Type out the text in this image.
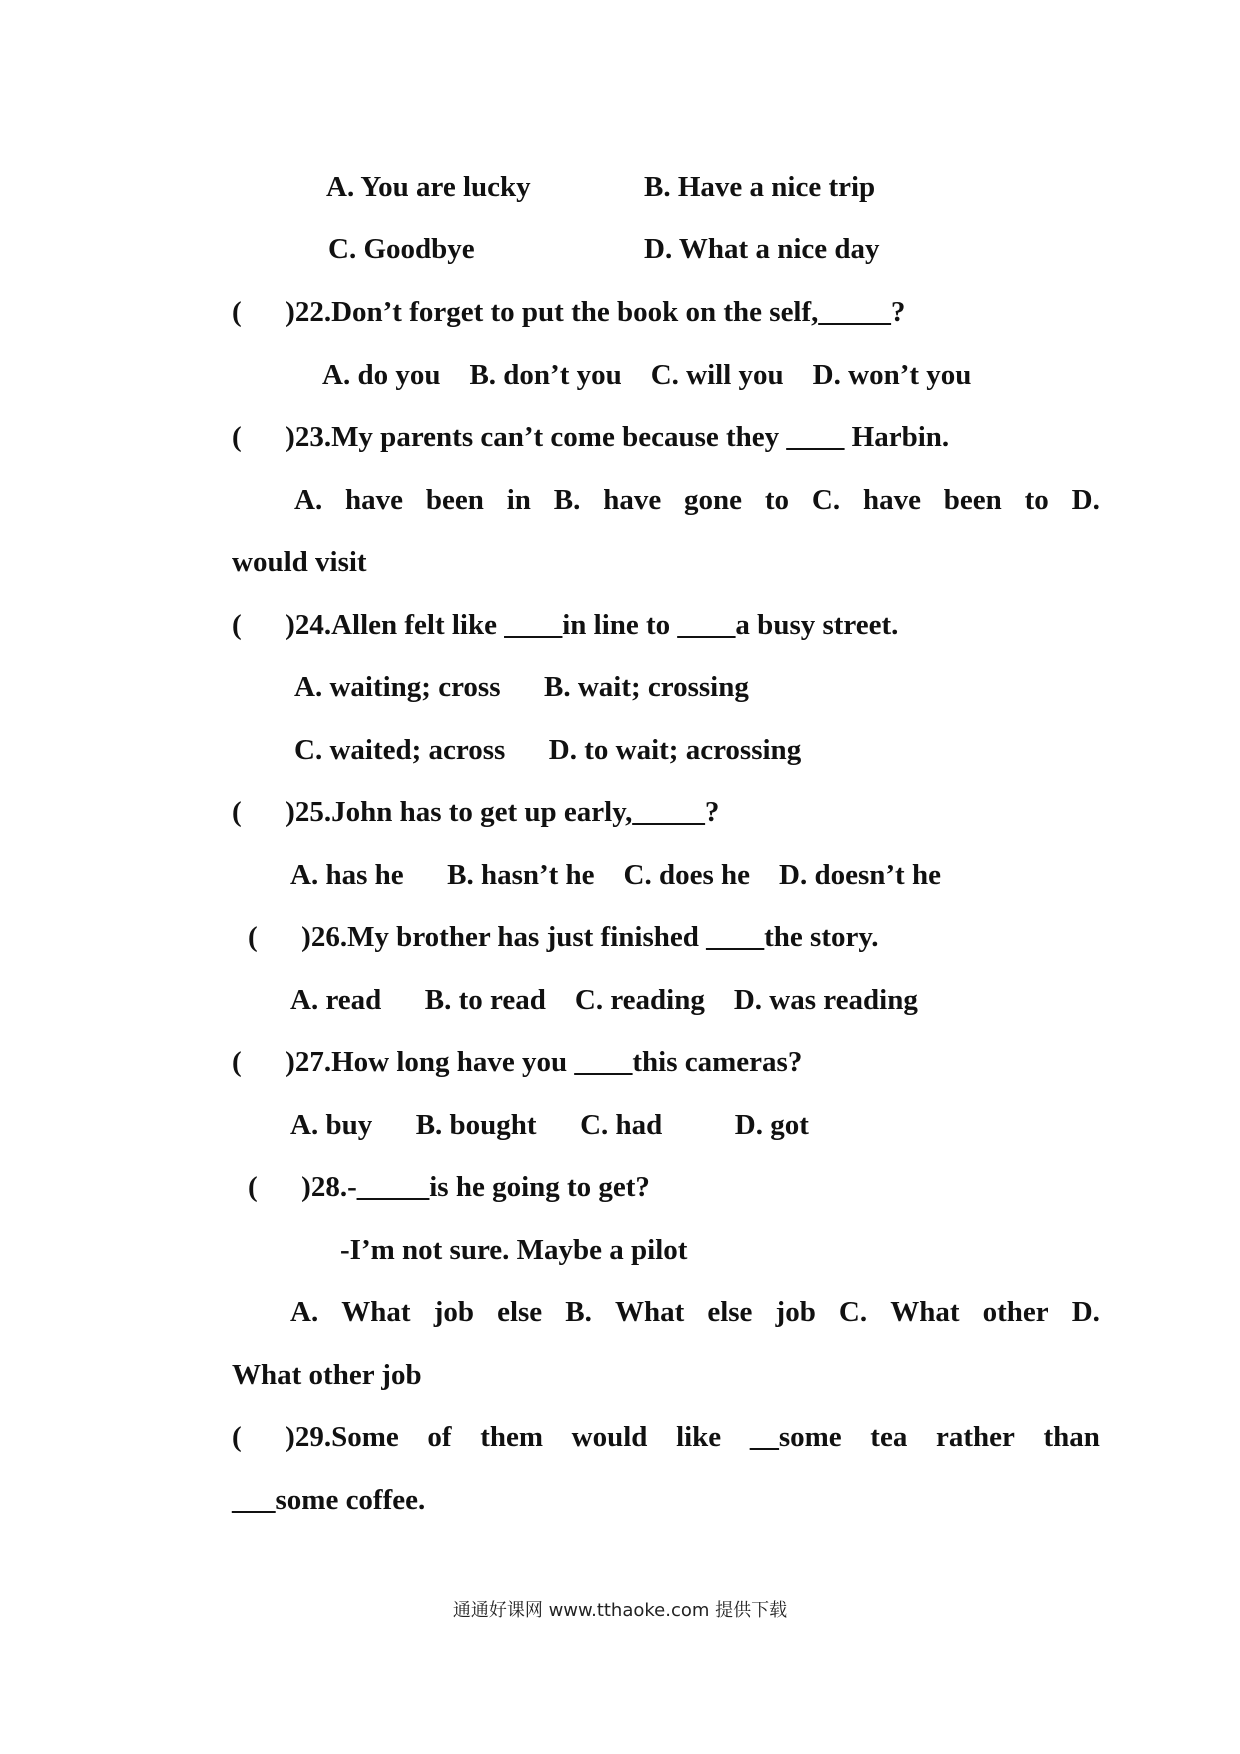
A. You are lucky	B. Have a nice trip
C. Goodbye	D. What a nice day
(      )22.Don’t forget to put the book on the self,_____?
A. do you    B. don’t you    C. will you    D. won’t you
(      )23.My parents can’t come because they ____ Harbin.
A. have been in B. have gone to C. have been to D.
would visit
(      )24.Allen felt like ____in line to ____a busy street.
A. waiting; cross      B. wait; crossing
C. waited; across      D. to wait; acrossing
(      )25.John has to get up early,_____?
A. has he      B. hasn’t he    C. does he    D. doesn’t he
(      )26.My brother has just finished ____the story.
A. read      B. to read    C. reading    D. was reading
(      )27.How long have you ____this cameras?
A. buy      B. bought      C. had          D. got
(      )28.-_____is he going to get?
-I’m not sure. Maybe a pilot
A. What job else B. What else job C. What other D.
What other job
(      )29.Some of them would like __some tea rather than
___some coffee.
通通好课网 www.tthaoke.com 提供下载
